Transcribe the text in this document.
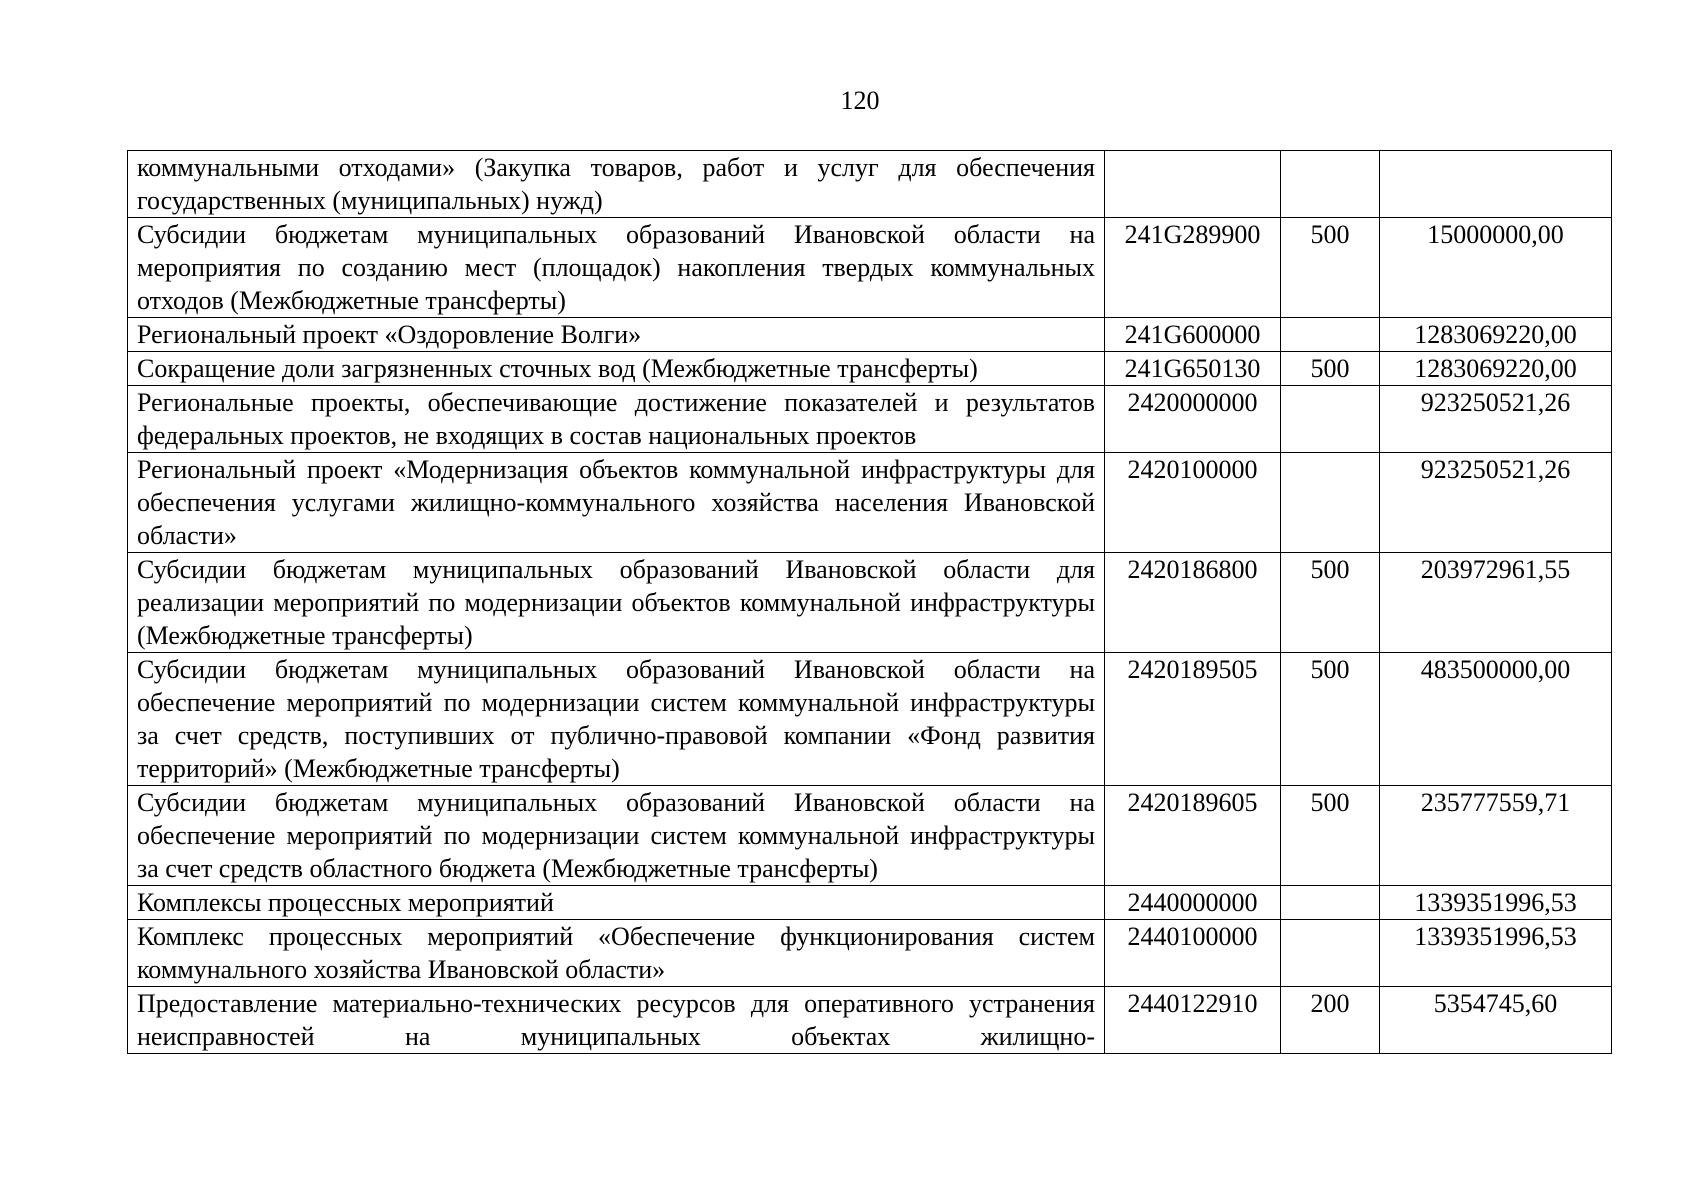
120
коммунальными отходами» (Закупка товаров, работ и услуг для обеспечения государственных (муниципальных) нужд)			
Субсидии бюджетам муниципальных образований Ивановской области на мероприятия по созданию мест (площадок) накопления твердых коммунальных отходов (Межбюджетные трансферты)	241G289900	500	15000000,00
Региональный проект «Оздоровление Волги»	241G600000		1283069220,00
Сокращение доли загрязненных сточных вод (Межбюджетные трансферты)	241G650130	500	1283069220,00
Региональные проекты, обеспечивающие достижение показателей и результатов федеральных проектов, не входящих в состав национальных проектов	2420000000		923250521,26
Региональный проект «Модернизация объектов коммунальной инфраструктуры для обеспечения услугами жилищно-коммунального хозяйства населения Ивановской области»	2420100000		923250521,26
Субсидии бюджетам муниципальных образований Ивановской области для реализации мероприятий по модернизации объектов коммунальной инфраструктуры (Межбюджетные трансферты)	2420186800	500	203972961,55
Субсидии бюджетам муниципальных образований Ивановской области на обеспечение мероприятий по модернизации систем коммунальной инфраструктуры за счет средств, поступивших от публично-правовой компании «Фонд развития территорий» (Межбюджетные трансферты)	2420189505	500	483500000,00
Субсидии бюджетам муниципальных образований Ивановской области на обеспечение мероприятий по модернизации систем коммунальной инфраструктуры за счет средств областного бюджета (Межбюджетные трансферты)	2420189605	500	235777559,71
Комплексы процессных мероприятий	2440000000		1339351996,53
Комплекс процессных мероприятий «Обеспечение функционирования систем коммунального хозяйства Ивановской области»	2440100000		1339351996,53
Предоставление материально-технических ресурсов для оперативного устранения неисправностей на муниципальных объектах жилищно-	2440122910	200	5354745,60
